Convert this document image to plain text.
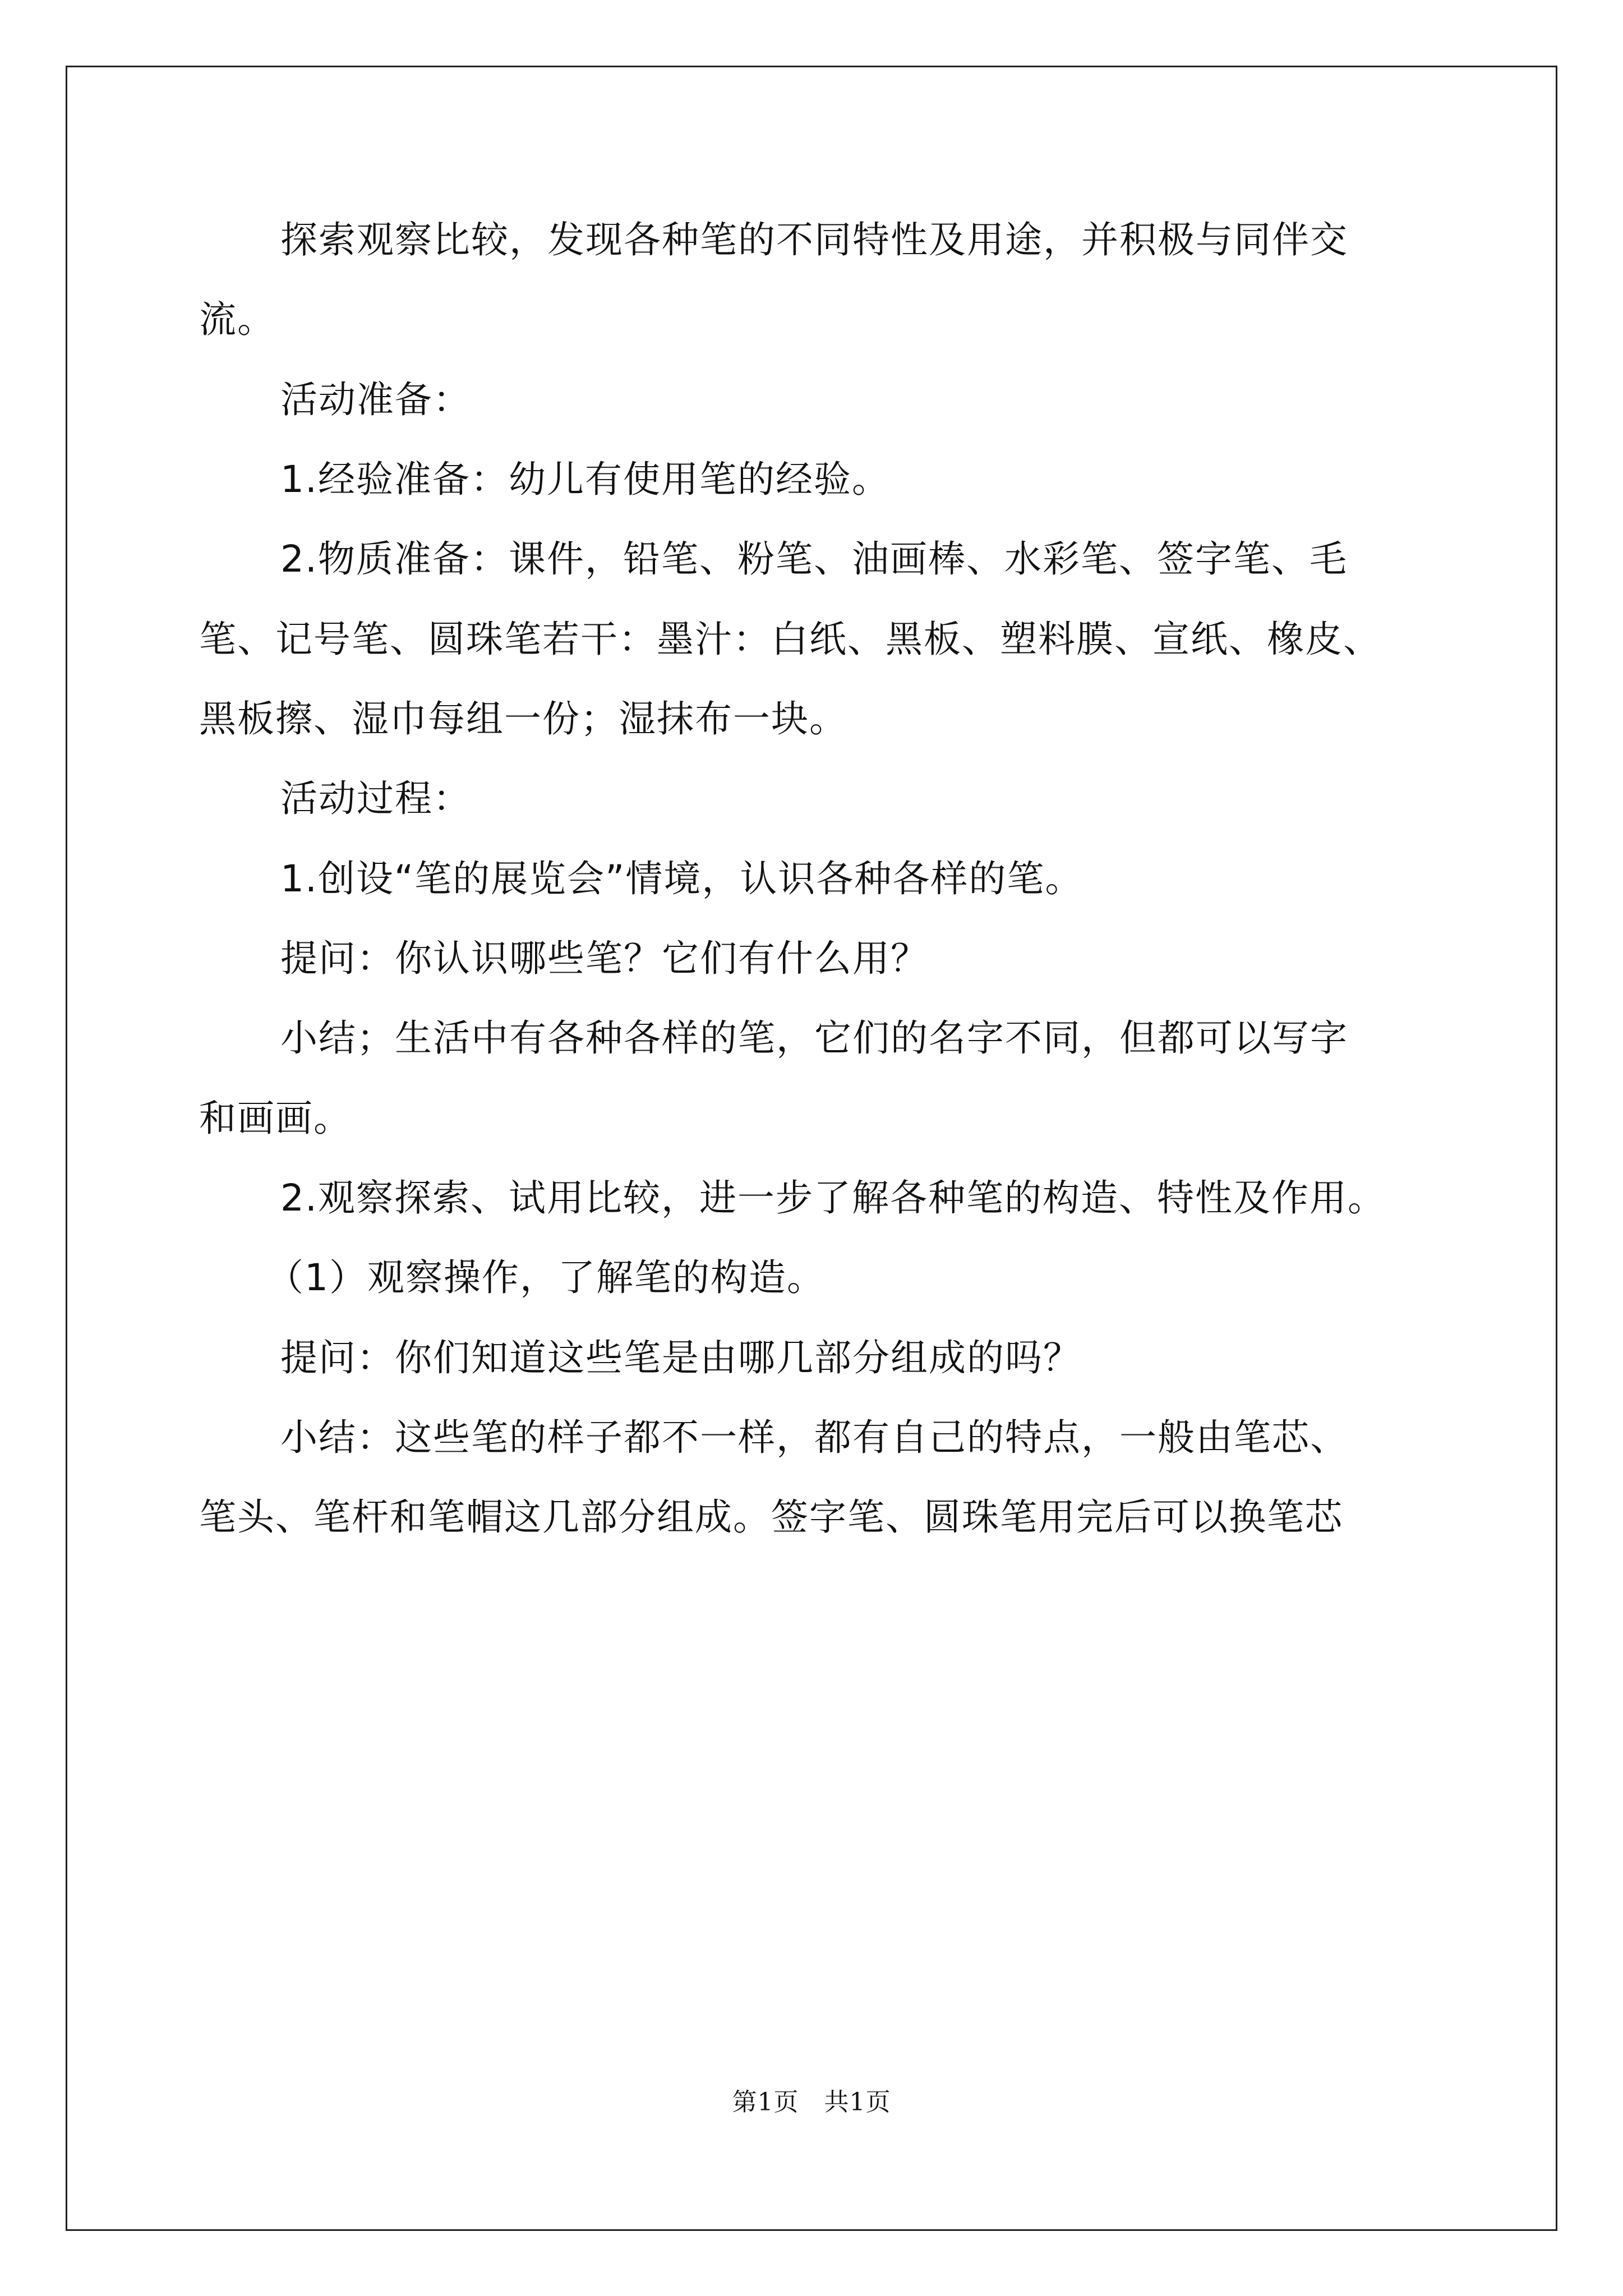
探索观察比较，发现各种笔的不同特性及用途，并积极与同伴交
流。
活动准备：
1.经验准备：幼儿有使用笔的经验。
2.物质准备：课件，铅笔、粉笔、油画棒、水彩笔、签字笔、毛
笔、记号笔、圆珠笔若干：墨汁：白纸、黑板、塑料膜、宣纸、橡皮、
黑板擦、湿巾每组一份；湿抹布一块。
活动过程：
1.创设“笔的展览会”情境，认识各种各样的笔。
提问：你认识哪些笔？它们有什么用？
小结；生活中有各种各样的笔，它们的名字不同，但都可以写字
和画画。
2.观察探索、试用比较，进一步了解各种笔的构造、特性及作用。
（1）观察操作，了解笔的构造。
提问：你们知道这些笔是由哪几部分组成的吗？
小结：这些笔的样子都不一样，都有自己的特点，一般由笔芯、
笔头、笔杆和笔帽这几部分组成。签字笔、圆珠笔用完后可以换笔芯
第1页　共1页
